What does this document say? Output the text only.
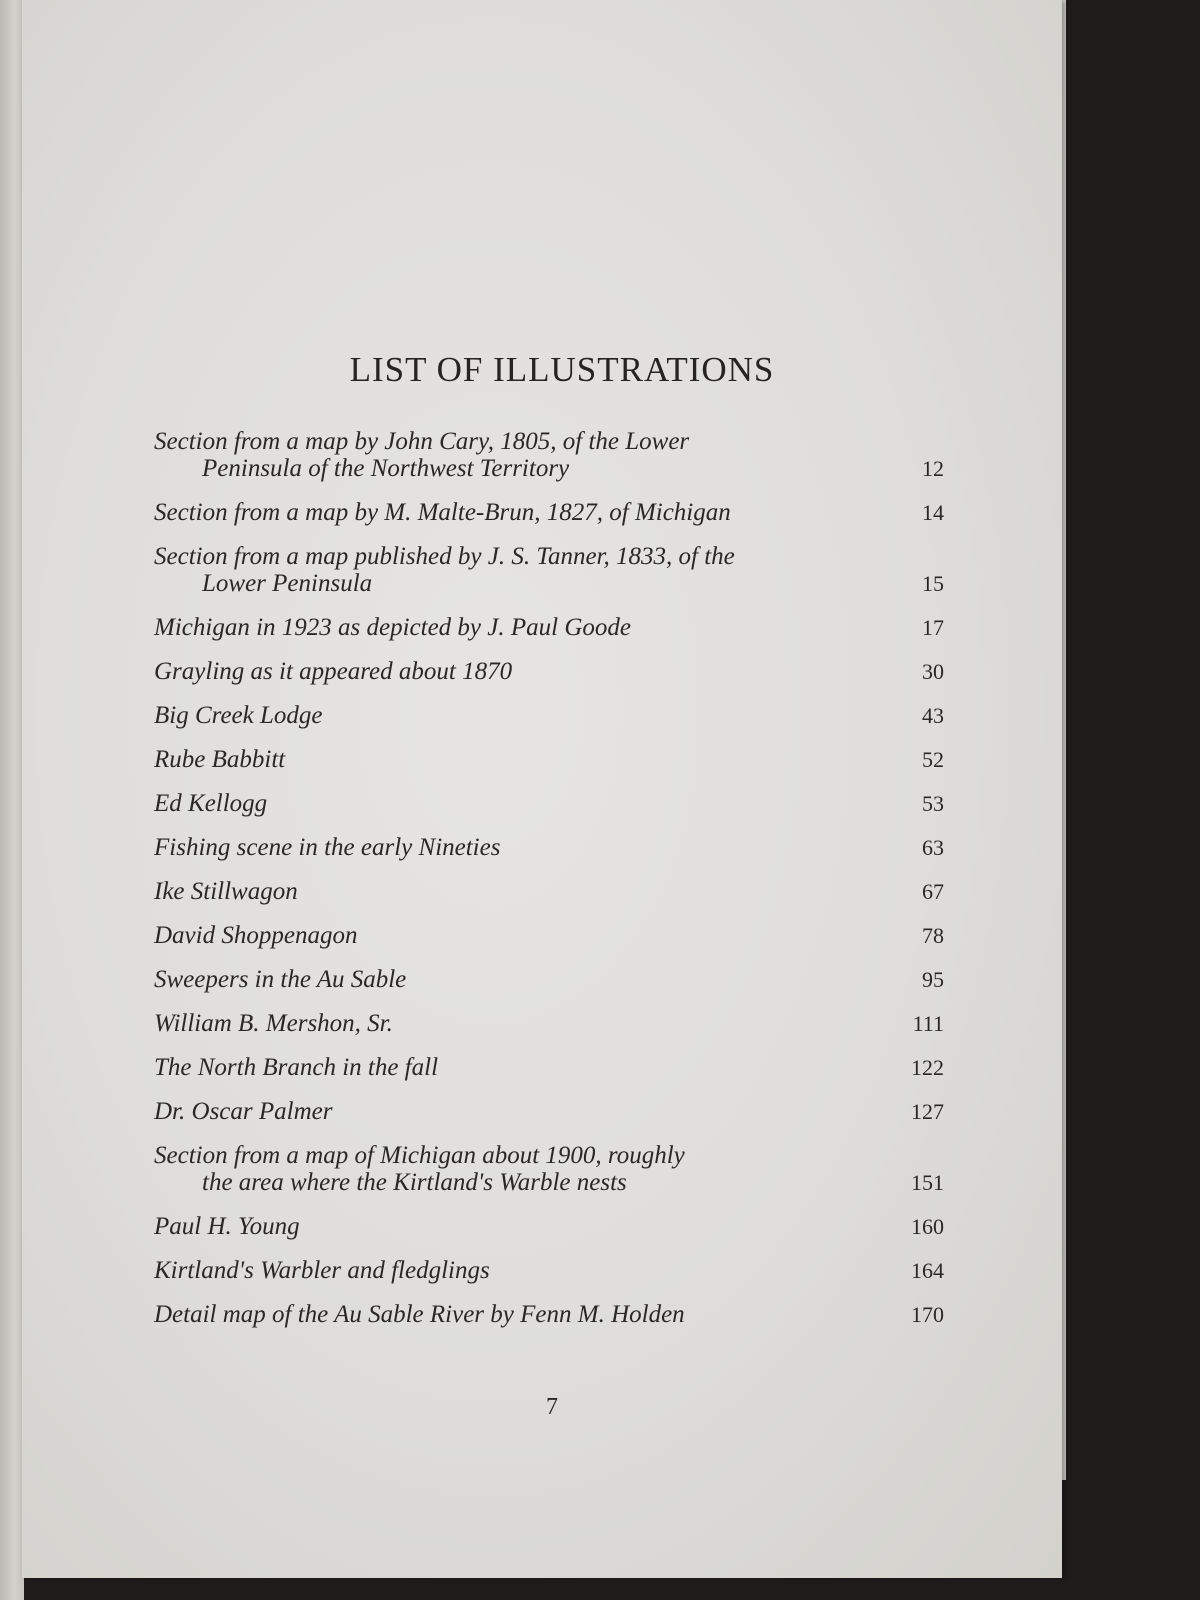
LIST OF ILLUSTRATIONS
Section from a map by John Cary, 1805, of the Lower
Peninsula of the Northwest Territory	12
Section from a map by M. Malte-Brun, 1827, of Michigan	14
Section from a map published by J. S. Tanner, 1833, of the
Lower Peninsula	15
Michigan in 1923 as depicted by J. Paul Goode	17
Grayling as it appeared about 1870	30
Big Creek Lodge	43
Rube Babbitt	52
Ed Kellogg	53
Fishing scene in the early Nineties	63
Ike Stillwagon	67
David Shoppenagon	78
Sweepers in the Au Sable	95
William B. Mershon, Sr.	111
The North Branch in the fall	122
Dr. Oscar Palmer	127
Section from a map of Michigan about 1900, roughly
the area where the Kirtland's Warble nests	151
Paul H. Young	160
Kirtland's Warbler and fledglings	164
Detail map of the Au Sable River by Fenn M. Holden	170
7
